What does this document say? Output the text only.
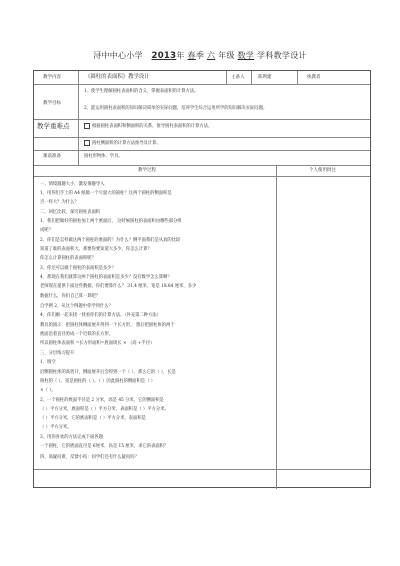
浔中中心小学 2013年 春季 六 年级 数学 学科教学设计
教学内容	《圆柱的表面积》教学设计	主备人	陈利建	执教者
教学目标
1、使学生理解圆柱表面积的含义，掌握表面积的计算方法。
2、能运用圆柱表面积的知识解决简单的实际问题，培养学生综合运用所学的知识解决实际问题。
教学重难点	根据圆柱表面积和侧面积的关系，推导圆柱表面积的计算方法。
圆柱侧面积的计算方法推导及计算。
课前准备	圆柱形物体、学具。
教学过程	个人使用批注
一、情境激趣大小，激发情趣导入
1、用你们手上的 A4 纸做一个尽量大的圆柱？这两个圆柱的侧面积是
否一样大？为什么？
二、回忆比较，探究圆柱表面积
1、我们把做好的圆柱加上两个底面后， 这时候圆柱的表面积由哪些部分组
成呢？
2、你们是怎样做这两个圆柱的底面的？为什么？侧平面我们是从真的比较
知道了谁的表面积大。那要你要知道大多少，你怎么计算？
你怎么计算圆柱的表面积呢？
3、你还可以做个圆柱的表面积是多少？
4、那现在我们就算这两个圆柱的表面积是多少？没有数学怎么算啊？
老师现在提供下面这些数据，你们要算什么？ 31.4 厘米，宽是 18.84 厘米，多少
数据什么，你们自己算一算吧？
自学例 2、从这个例题中你学到什么？
4、你们刚一起来找一找看你们的计算方法。（补充第二种方法）
教具的演示：把圆柱体侧面展开得到一个长方形。 想后把圆柱体的两个
底面沿着直径剪成一个近似的长方形。
所以圆柱体表面积 =长方形面积=底面周长 × （高 +半径）
三、分层练习提升
1、填空
沿侧圆柱体的高剪开，侧面展开后会得到一个（ ），那么它的（ ），长是
圆柱的（ ），宽是圆柱的（ ）。（ ）因此圆柱的侧面积是（ ）
×（ ）。
2、一个圆柱的底面半径是 2 分米，高是 45 分米，它的侧面积是
（ ）平方分米，底面积是（ ）平方分米，表面积是（ ）平方分米。
（ ）平方分米，它的底面积是（ ）平方分米，表面积是
（ ）平方分米。
3、用你喜欢的方法完成下面各题
一个圆柱，它的底面直径是 6厘米，高是 15 厘米，求它的表面积？
四、质疑问难，反馈小结：同学们还有什么疑问吗？
